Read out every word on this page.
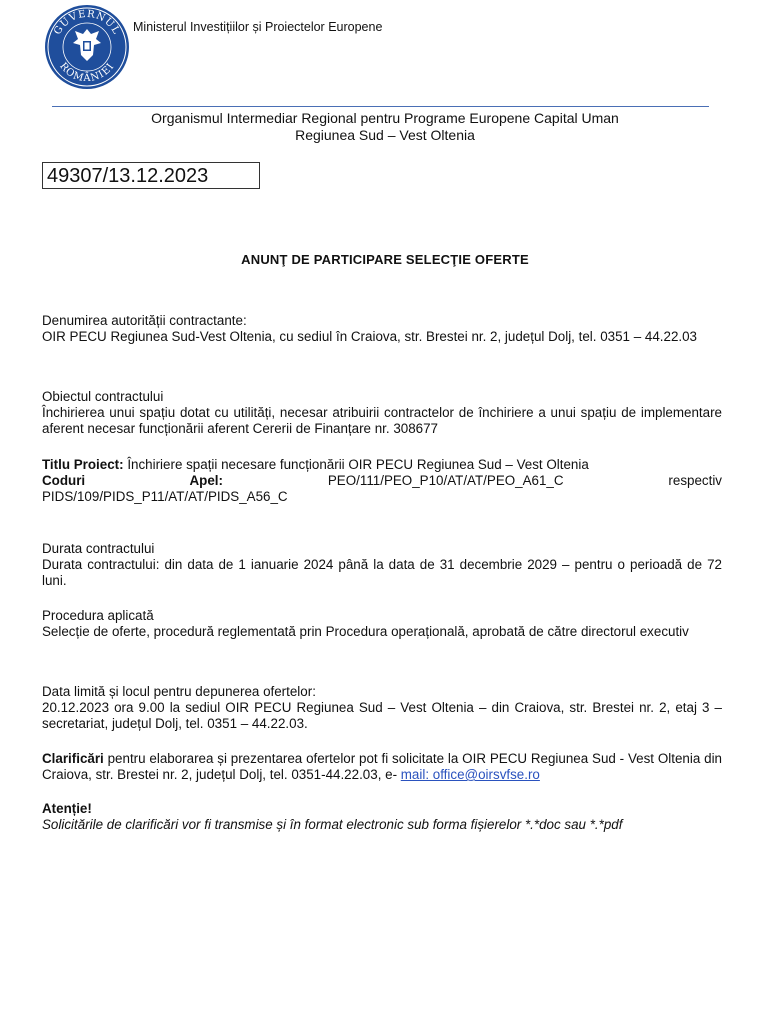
GUVERNUL
ROMÂNIEI
Ministerul Investițiilor și Proiectelor Europene
Organismul Intermediar Regional pentru Programe Europene Capital Uman
Regiunea Sud – Vest Oltenia
49307/13.12.2023
ANUNŢ DE PARTICIPARE SELECŢIE OFERTE
Denumirea autorității contractante:
OIR PECU Regiunea Sud-Vest Oltenia, cu sediul în Craiova, str. Brestei nr. 2, județul Dolj, tel. 0351 – 44.22.03
Obiectul contractului
Închirierea unui spațiu dotat cu utilități, necesar atribuirii contractelor de închiriere a unui spațiu de implementare aferent necesar funcționării aferent Cererii de Finanțare nr. 308677
Titlu Proiect: Închiriere spații necesare funcționării OIR PECU Regiunea Sud – Vest Oltenia
Coduri Apel: PEO/111/PEO_P10/AT/AT/PEO_A61_C respectiv
PIDS/109/PIDS_P11/AT/AT/PIDS_A56_C
Durata contractului
Durata contractului: din data de 1 ianuarie 2024 până la data de 31 decembrie 2029 – pentru o perioadă de 72 luni.
Procedura aplicată
Selecție de oferte, procedură reglementată prin Procedura operațională, aprobată de către directorul executiv
Data limită și locul pentru depunerea ofertelor:
20.12.2023 ora 9.00 la sediul OIR PECU Regiunea Sud – Vest Oltenia – din Craiova, str. Brestei nr. 2, etaj 3 – secretariat, județul Dolj, tel. 0351 – 44.22.03.
Clarificări pentru elaborarea și prezentarea ofertelor pot fi solicitate la OIR PECU Regiunea Sud - Vest Oltenia din Craiova, str. Brestei nr. 2, județul Dolj, tel. 0351-44.22.03, e- mail: office@oirsvfse.ro
Atenție!
Solicitările de clarificări vor fi transmise și în format electronic sub forma fișierelor *.*doc sau *.*pdf
